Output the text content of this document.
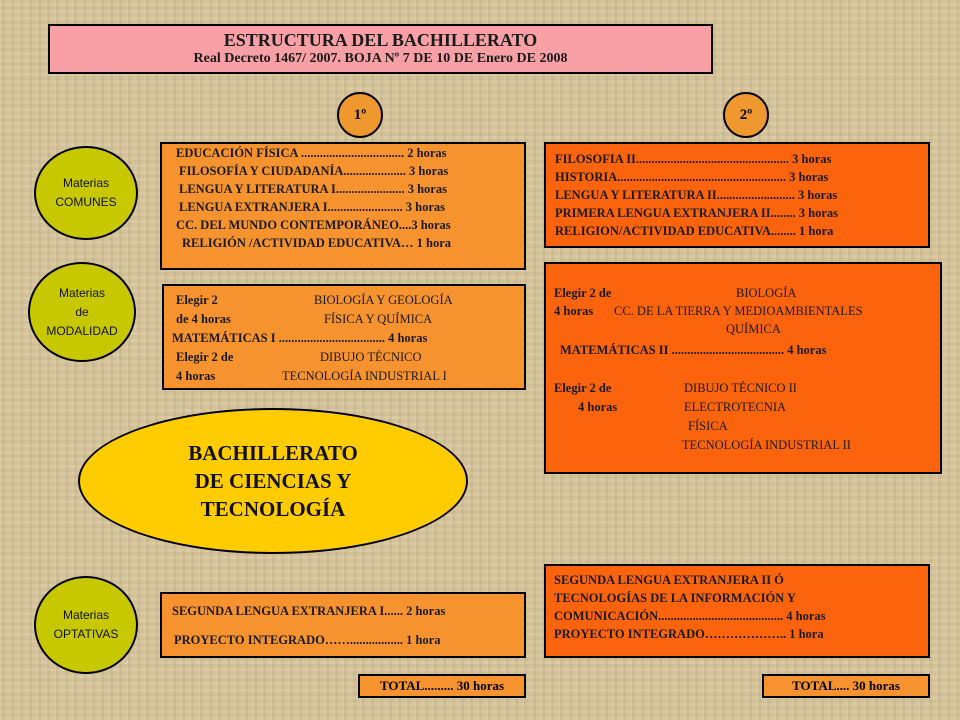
ESTRUCTURA DEL BACHILLERATO
Real Decreto 1467/ 2007. BOJA Nº 7 DE 10 DE Enero DE 2008
1º	2º
Materias
COMUNES
Materias
de
MODALIDAD
Materias
OPTATIVAS
EDUCACIÓN FÍSICA ................................. 2 horas
FILOSOFÍA Y CIUDADANÍA.................... 3 horas
LENGUA Y LITERATURA I...................... 3 horas
LENGUA EXTRANJERA I........................ 3 horas
CC. DEL MUNDO CONTEMPORÁNEO....3 horas
RELIGIÓN /ACTIVIDAD EDUCATIVA… 1 hora
FILOSOFIA II................................................. 3 horas
HISTORIA...................................................... 3 horas
LENGUA Y LITERATURA II......................... 3 horas
PRIMERA LENGUA EXTRANJERA II........ 3 horas
RELIGION/ACTIVIDAD EDUCATIVA........ 1 hora
Elegir 2	BIOLOGÍA Y GEOLOGÍA
de 4 horas	FÍSICA Y QUÍMICA
MATEMÁTICAS I .................................. 4 horas
Elegir 2 de	DIBUJO TÉCNICO
4 horas	TECNOLOGÍA INDUSTRIAL I
Elegir 2 de	BIOLOGÍA
4 horas CC. DE LA TIERRA Y MEDIOAMBIENTALES
QUÍMICA
MATEMÁTICAS II .................................... 4 horas
Elegir 2 de	DIBUJO TÉCNICO II
4 horas	ELECTROTECNIA
FÍSICA
TECNOLOGÍA INDUSTRIAL II
BACHILLERATO
DE CIENCIAS Y
TECNOLOGÍA
SEGUNDA LENGUA EXTRANJERA I...... 2 horas
PROYECTO INTEGRADO……................. 1 hora
SEGUNDA LENGUA EXTRANJERA II Ó
TECNOLOGÍAS DE LA INFORMACIÓN Y
COMUNICACIÓN........................................ 4 horas
PROYECTO INTEGRADO……………….. 1 hora
TOTAL......... 30 horas	TOTAL.... 30 horas
